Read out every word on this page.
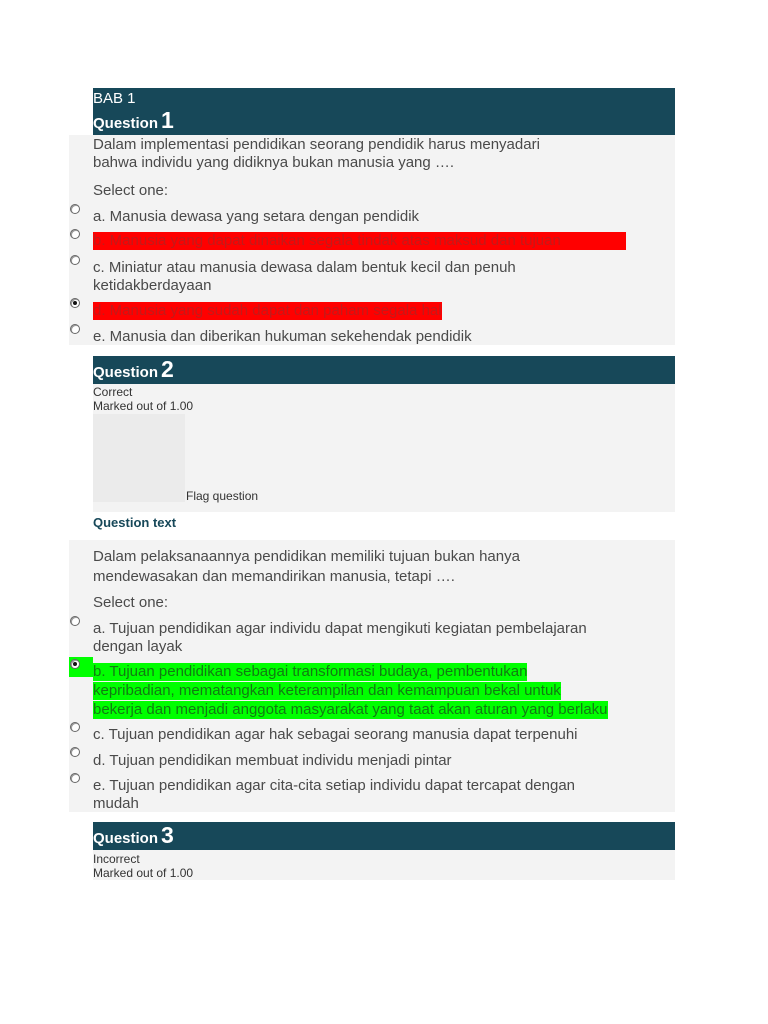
BAB 1
Question 1
Dalam implementasi pendidikan seorang pendidik harus menyadari
bahwa individu yang didiknya bukan manusia yang ….
Select one:
a. Manusia dewasa yang setara dengan pendidik
b. Manusia yang dapat dinaikan segala tindak atas maksud dan tujuan
c. Miniatur atau manusia dewasa dalam bentuk kecil dan penuh
ketidakberdayaan
d. Manusia yang sudah dapat dan paham segala hal
e. Manusia dan diberikan hukuman sekehendak pendidik
Question 2
Correct
Marked out of 1.00
Flag question
Question text
Dalam pelaksanaannya pendidikan memiliki tujuan bukan hanya
mendewasakan dan memandirikan manusia, tetapi ….
Select one:
a. Tujuan pendidikan agar individu dapat mengikuti kegiatan pembelajaran
dengan layak
b. Tujuan pendidikan sebagai transformasi budaya, pembentukan
kepribadian, mematangkan keterampilan dan kemampuan bekal untuk
bekerja dan menjadi anggota masyarakat yang taat akan aturan yang berlaku
c. Tujuan pendidikan agar hak sebagai seorang manusia dapat terpenuhi
d. Tujuan pendidikan membuat individu menjadi pintar
e. Tujuan pendidikan agar cita-cita setiap individu dapat tercapat dengan
mudah
Question 3
Incorrect
Marked out of 1.00
